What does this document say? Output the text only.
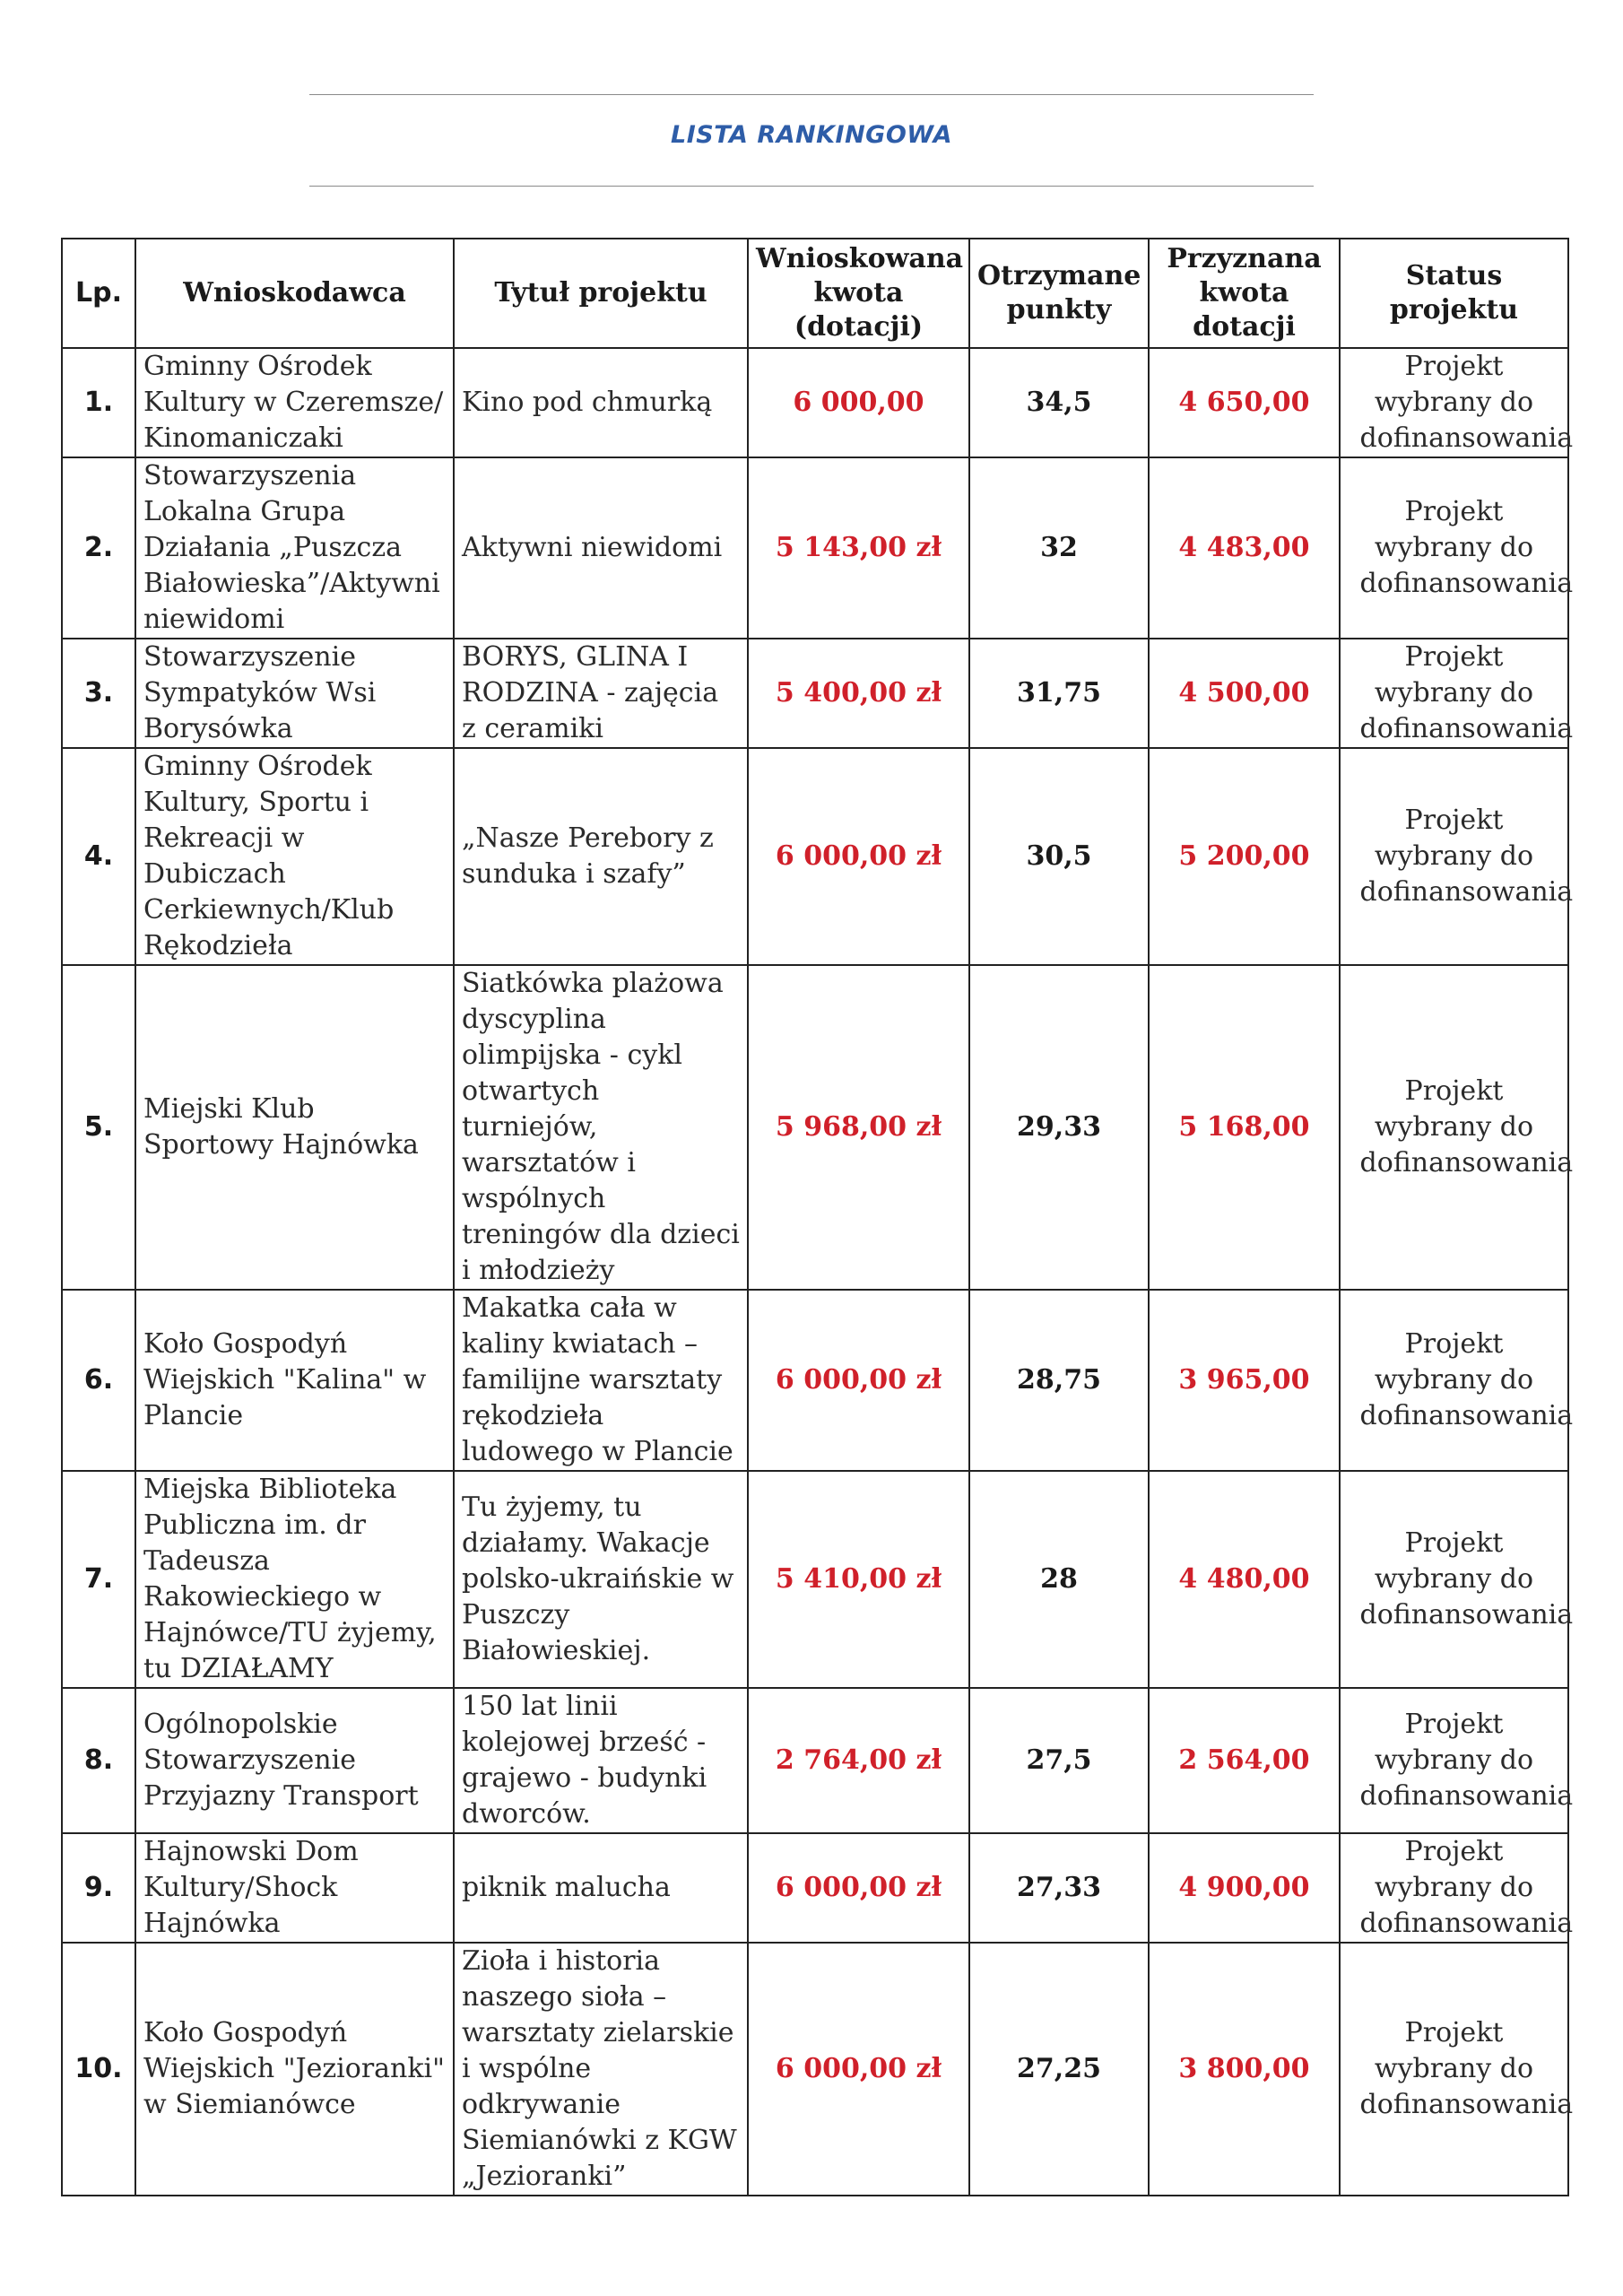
LISTA RANKINGOWA
Lp.	Wnioskodawca	Tytuł projektu	Wnioskowana kwota (dotacji)	Otrzymane punkty	Przyznana kwota dotacji	Status projektu
1.	Gminny Ośrodek Kultury w Czeremsze/ Kinomaniczaki	Kino pod chmurką	6 000,00	34,5	4 650,00	Projekt wybrany do dofinansowania
2.	Stowarzyszenia Lokalna Grupa Działania „Puszcza Białowieska”/Aktywni niewidomi	Aktywni niewidomi	5 143,00 zł	32	4 483,00	Projekt wybrany do dofinansowania
3.	Stowarzyszenie Sympatyków Wsi Borysówka	BORYS, GLINA I RODZINA - zajęcia z ceramiki	5 400,00 zł	31,75	4 500,00	Projekt wybrany do dofinansowania
4.	Gminny Ośrodek Kultury, Sportu i Rekreacji w Dubiczach Cerkiewnych/Klub Rękodzieła	„Nasze Perebory z sunduka i szafy”	6 000,00 zł	30,5	5 200,00	Projekt wybrany do dofinansowania
5.	Miejski Klub Sportowy Hajnówka	Siatkówka plażowa dyscyplina olimpijska - cykl otwartych turniejów, warsztatów i wspólnych treningów dla dzieci i młodzieży	5 968,00 zł	29,33	5 168,00	Projekt wybrany do dofinansowania
6.	Koło Gospodyń Wiejskich "Kalina" w Plancie	Makatka cała w kaliny kwiatach – familijne warsztaty rękodzieła ludowego w Plancie	6 000,00 zł	28,75	3 965,00	Projekt wybrany do dofinansowania
7.	Miejska Biblioteka Publiczna im. dr Tadeusza Rakowieckiego w Hajnówce/TU żyjemy, tu DZIAŁAMY	Tu żyjemy, tu działamy. Wakacje polsko-ukraińskie w Puszczy Białowieskiej.	5 410,00 zł	28	4 480,00	Projekt wybrany do dofinansowania
8.	Ogólnopolskie Stowarzyszenie Przyjazny Transport	150 lat linii kolejowej brześć - grajewo - budynki dworców.	2 764,00 zł	27,5	2 564,00	Projekt wybrany do dofinansowania
9.	Hajnowski Dom Kultury/Shock Hajnówka	piknik malucha	6 000,00 zł	27,33	4 900,00	Projekt wybrany do dofinansowania
10.	Koło Gospodyń Wiejskich "Jezioranki" w Siemianówce	Zioła i historia naszego sioła – warsztaty zielarskie i wspólne odkrywanie Siemianówki z KGW „Jezioranki”	6 000,00 zł	27,25	3 800,00	Projekt wybrany do dofinansowania
